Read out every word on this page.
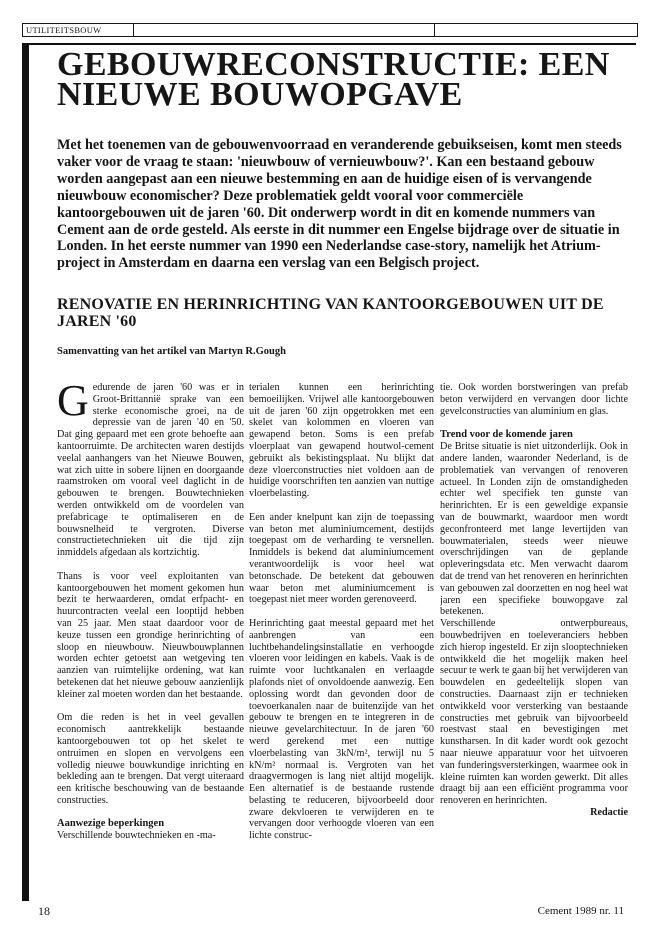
UTILITEITSBOUW
GEBOUWRECONSTRUCTIE: EEN NIEUWE BOUWOPGAVE

Met het toenemen van de gebouwenvoorraad en veranderende gebuikseisen, komt men steeds vaker voor de vraag te staan: 'nieuwbouw of vernieuwbouw?'. Kan een bestaand gebouw worden aangepast aan een nieuwe bestemming en aan de huidige eisen of is vervangende nieuwbouw economischer? Deze problematiek geldt vooral voor commerciële kantoorgebouwen uit de jaren '60. Dit onderwerp wordt in dit en komende nummers van Cement aan de orde gesteld. Als eerste in dit nummer een Engelse bijdrage over de situatie in Londen. In het eerste nummer van 1990 een Nederlandse case-story, namelijk het Atrium-project in Amsterdam en daarna een verslag van een Belgisch project.

RENOVATIE EN HERINRICHTING VAN KANTOORGEBOUWEN UIT DE JAREN '60
Samenvatting van het artikel van Martyn R.Gough

Gedurende de jaren '60 was er in Groot-Brittannië sprake van een sterke economische groei, na de depressie van de jaren '40 en '50. Dat ging gepaard met een grote behoefte aan kantoorruimte. De architecten waren destijds veelal aanhangers van het Nieuwe Bouwen, wat zich uitte in sobere lijnen en doorgaande raamstroken om vooral veel daglicht in de gebouwen te brengen. Bouwtechnieken werden ontwikkeld om de voordelen van prefabricage te optimaliseren en de bouwsnelheid te vergroten. Diverse constructietechnieken uit die tijd zijn inmiddels afgedaan als kortzichtig.

Thans is voor veel exploitanten van kantoorgebouwen het moment gekomen hun bezit te herwaarderen, omdat erfpacht- en huurcontracten veelal een looptijd hebben van 25 jaar. Men staat daardoor voor de keuze tussen een grondige herinrichting of sloop en nieuwbouw. Nieuwbouwplannen worden echter getoetst aan wetgeving ten aanzien van ruimtelijke ordening, wat kan betekenen dat het nieuwe gebouw aanzienlijk kleiner zal moeten worden dan het bestaande.

Om die reden is het in veel gevallen economisch aantrekkelijk bestaande kantoorgebouwen tot op het skelet te ontruimen en slopen en vervolgens een volledig nieuwe bouwkundige inrichting en bekleding aan te brengen. Dat vergt uiteraard een kritische beschouwing van de bestaande constructies.

Aanwezige beperkingen

Verschillende bouwtechnieken en -ma-

terialen kunnen een herinrichting bemoeilijken. Vrijwel alle kantoorgebouwen uit de jaren '60 zijn opgetrokken met een skelet van kolommen en vloeren van gewapend beton. Soms is een prefab vloerplaat van gewapend houtwol-cement gebruikt als bekistingsplaat. Nu blijkt dat deze vloerconstructies niet voldoen aan de huidige voorschriften ten aanzien van nuttige vloerbelasting.

Een ander knelpunt kan zijn de toepassing van beton met aluminiumcement, destijds toegepast om de verharding te versnellen. Inmiddels is bekend dat aluminiumcement verantwoordelijk is voor heel wat betonschade. De betekent dat gebouwen waar beton met aluminiumcement is toegepast niet meer worden gerenoveerd.

Herinrichting gaat meestal gepaard met het aanbrengen van een luchtbehandelingsinstallatie en verhoogde vloeren voor leidingen en kabels. Vaak is de ruimte voor luchtkanalen en verlaagde plafonds niet of onvoldoende aanwezig. Een oplossing wordt dan gevonden door de toevoerkanalen naar de buitenzijde van het gebouw te brengen en te integreren in de nieuwe gevelarchitectuur. In de jaren '60 werd gerekend met een nuttige vloerbelasting van 3kN/m², terwijl nu 5 kN/m² normaal is. Vergroten van het draagvermogen is lang niet altijd mogelijk. Een alternatief is de bestaande rustende belasting te reduceren, bijvoorbeeld door zware dekvloeren te verwijderen en te vervangen door verhoogde vloeren van een lichte construc-

tie. Ook worden borstweringen van prefab beton verwijderd en vervangen door lichte gevelconstructies van aluminium en glas.

Trend voor de komende jaren

De Britse situatie is niet uitzonderlijk. Ook in andere landen, waaronder Nederland, is de problematiek van vervangen of renoveren actueel. In Londen zijn de omstandigheden echter wel specifiek ten gunste van herinrichten. Er is een geweldige expansie van de bouwmarkt, waardoor men wordt geconfronteerd met lange levertijden van bouwmaterialen, steeds weer nieuwe overschrijdingen van de geplande opleveringsdata etc. Men verwacht daarom dat de trend van het renoveren en herinrichten van gebouwen zal doorzetten en nog heel wat jaren een specifieke bouwopgave zal betekenen.

Verschillende ontwerpbureaus, bouwbedrijven en toeleveranciers hebben zich hierop ingesteld. Er zijn slooptechnieken ontwikkeld die het mogelijk maken heel secuur te werk te gaan bij het verwijderen van bouwdelen en gedeeltelijk slopen van constructies. Daarnaast zijn er technieken ontwikkeld voor versterking van bestaande constructies met gebruik van bijvoorbeeld roestvast staal en bevestigingen met kunstharsen. In dit kader wordt ook gezocht naar nieuwe apparatuur voor het uitvoeren van funderingsversterkingen, waarmee ook in kleine ruimten kan worden gewerkt. Dit alles draagt bij aan een efficiënt programma voor renoveren en herinrichten.

Redactie
18	Cement 1989 nr. 11
